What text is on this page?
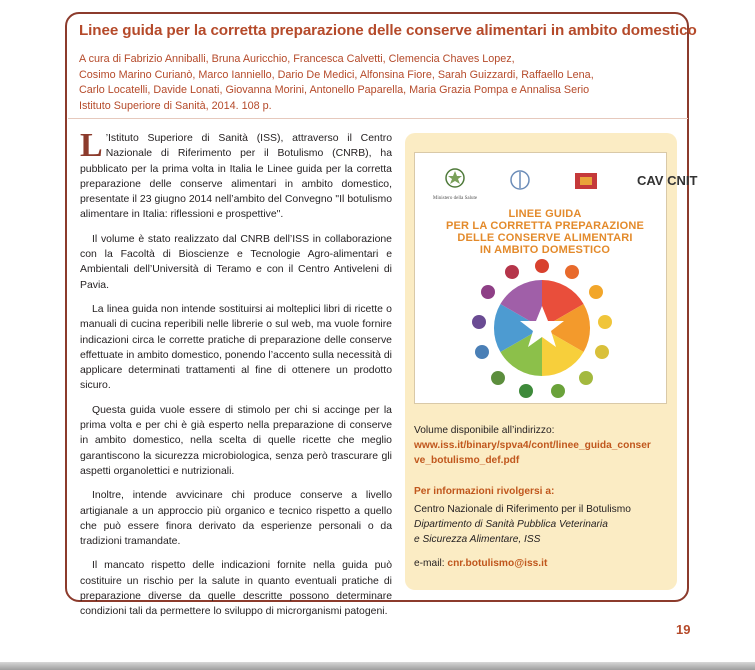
Linee guida per la corretta preparazione delle conserve alimentari in ambito domestico
A cura di Fabrizio Anniballi, Bruna Auricchio, Francesca Calvetti, Clemencia Chaves Lopez,
Cosimo Marino Curianò, Marco Ianniello, Dario De Medici, Alfonsina Fiore, Sarah Guizzardi, Raffaello Lena,
Carlo Locatelli, Davide Lonati, Giovanna Morini, Antonello Paparella, Maria Grazia Pompa e Annalisa Serio
Istituto Superiore di Sanità, 2014. 108 p.

L ’Istituto Superiore di Sanità (ISS), attraverso il Centro Nazionale di Riferimento per il Botulismo (CNRB), ha pubblicato per la prima volta in Italia le Linee guida per la corretta preparazione delle conserve alimentari in ambito domestico, presentate il 23 giugno 2014 nell’ambito del Convegno "Il botulismo alimentare in Italia: riflessioni e prospettive".

Il volume è stato realizzato dal CNRB dell’ISS in collaborazione con la Facoltà di Bioscienze e Tecnologie Agro-alimentari e Ambientali dell’Università di Teramo e con il Centro Antiveleni di Pavia.

La linea guida non intende sostituirsi ai molteplici libri di ricette o manuali di cucina reperibili nelle librerie o sul web, ma vuole fornire indicazioni circa le corrette pratiche di preparazione delle conserve effettuate in ambito domestico, ponendo l’accento sulla necessità di applicare determinati trattamenti al fine di ottenere un prodotto sicuro.

Questa guida vuole essere di stimolo per chi si accinge per la prima volta e per chi è già esperto nella preparazione di conserve in ambito domestico, nella scelta di quelle ricette che meglio garantiscono la sicurezza microbiologica, senza però trascurare gli aspetti organolettici e nutrizionali.

Inoltre, intende avvicinare chi produce conserve a livello artigianale a un approccio più organico e tecnico rispetto a quello che può essere finora derivato da esperienze personali o da tradizioni tramandate.

Il mancato rispetto delle indicazioni fornite nella guida può costituire un rischio per la salute in quanto eventuali pratiche di preparazione diverse da quelle descritte possono determinare condizioni tali da permettere lo sviluppo di microrganismi patogeni.

Ministero della Salute
CAV CNIT
LINEE GUIDA
PER LA CORRETTA PREPARAZIONE
DELLE CONSERVE ALIMENTARI
IN AMBITO DOMESTICO
Volume disponibile all’indirizzo:
www.iss.it/binary/spva4/cont/linee_guida_conser
ve_botulismo_def.pdf
Per informazioni rivolgersi a:
Centro Nazionale di Riferimento per il Botulismo
Dipartimento di Sanità Pubblica Veterinaria
e Sicurezza Alimentare, ISS
e-mail: cnr.botulismo@iss.it
19
